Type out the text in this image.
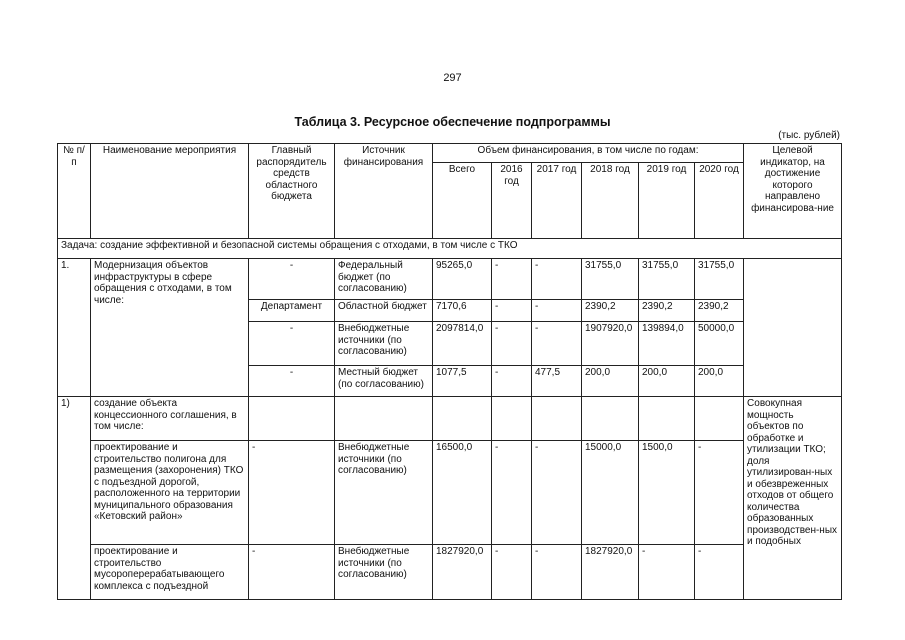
297
Таблица 3. Ресурсное обеспечение подпрограммы
(тыс. рублей)
№ п/п	Наименование мероприятия	Главный распорядитель средств областного бюджета	Источник финансирования	Объем финансирования, в том числе по годам:						Целевой индикатор, на достижение которого направлено финансирова-ние
				Всего	2016 год	2017 год	2018 год	2019 год	2020 год	
Задача: создание эффективной и безопасной системы обращения с отходами, в том числе с ТКО										
1.	Модернизация объектов инфраструктуры в сфере обращения с отходами, в том числе:	-	Федеральный бюджет (по согласованию)	95265,0	-	-	31755,0	31755,0	31755,0	
		Департамент	Областной бюджет	7170,6	-	-	2390,2	2390,2	2390,2	
		-	Внебюджетные источники (по согласованию)	2097814,0	-	-	1907920,0	139894,0	50000,0	
		-	Местный бюджет (по согласованию)	1077,5	-	477,5	200,0	200,0	200,0	
1)	создание объекта концессионного соглашения, в том числе:									Совокупная мощность объектов по обработке и утилизации ТКО; доля утилизирован-ных и обезвреженных отходов от общего количества образованных производствен-ных и подобных
	проектирование и строительство полигона для размещения (захоронения) ТКО с подъездной дорогой, расположенного на территории муниципального образования «Кетовский район»	-	Внебюджетные источники (по согласованию)	16500,0	-	-	15000,0	1500,0	-	
	проектирование и строительство мусороперерабатывающего комплекса с подъездной	-	Внебюджетные источники (по согласованию)	1827920,0	-	-	1827920,0	-	-	
